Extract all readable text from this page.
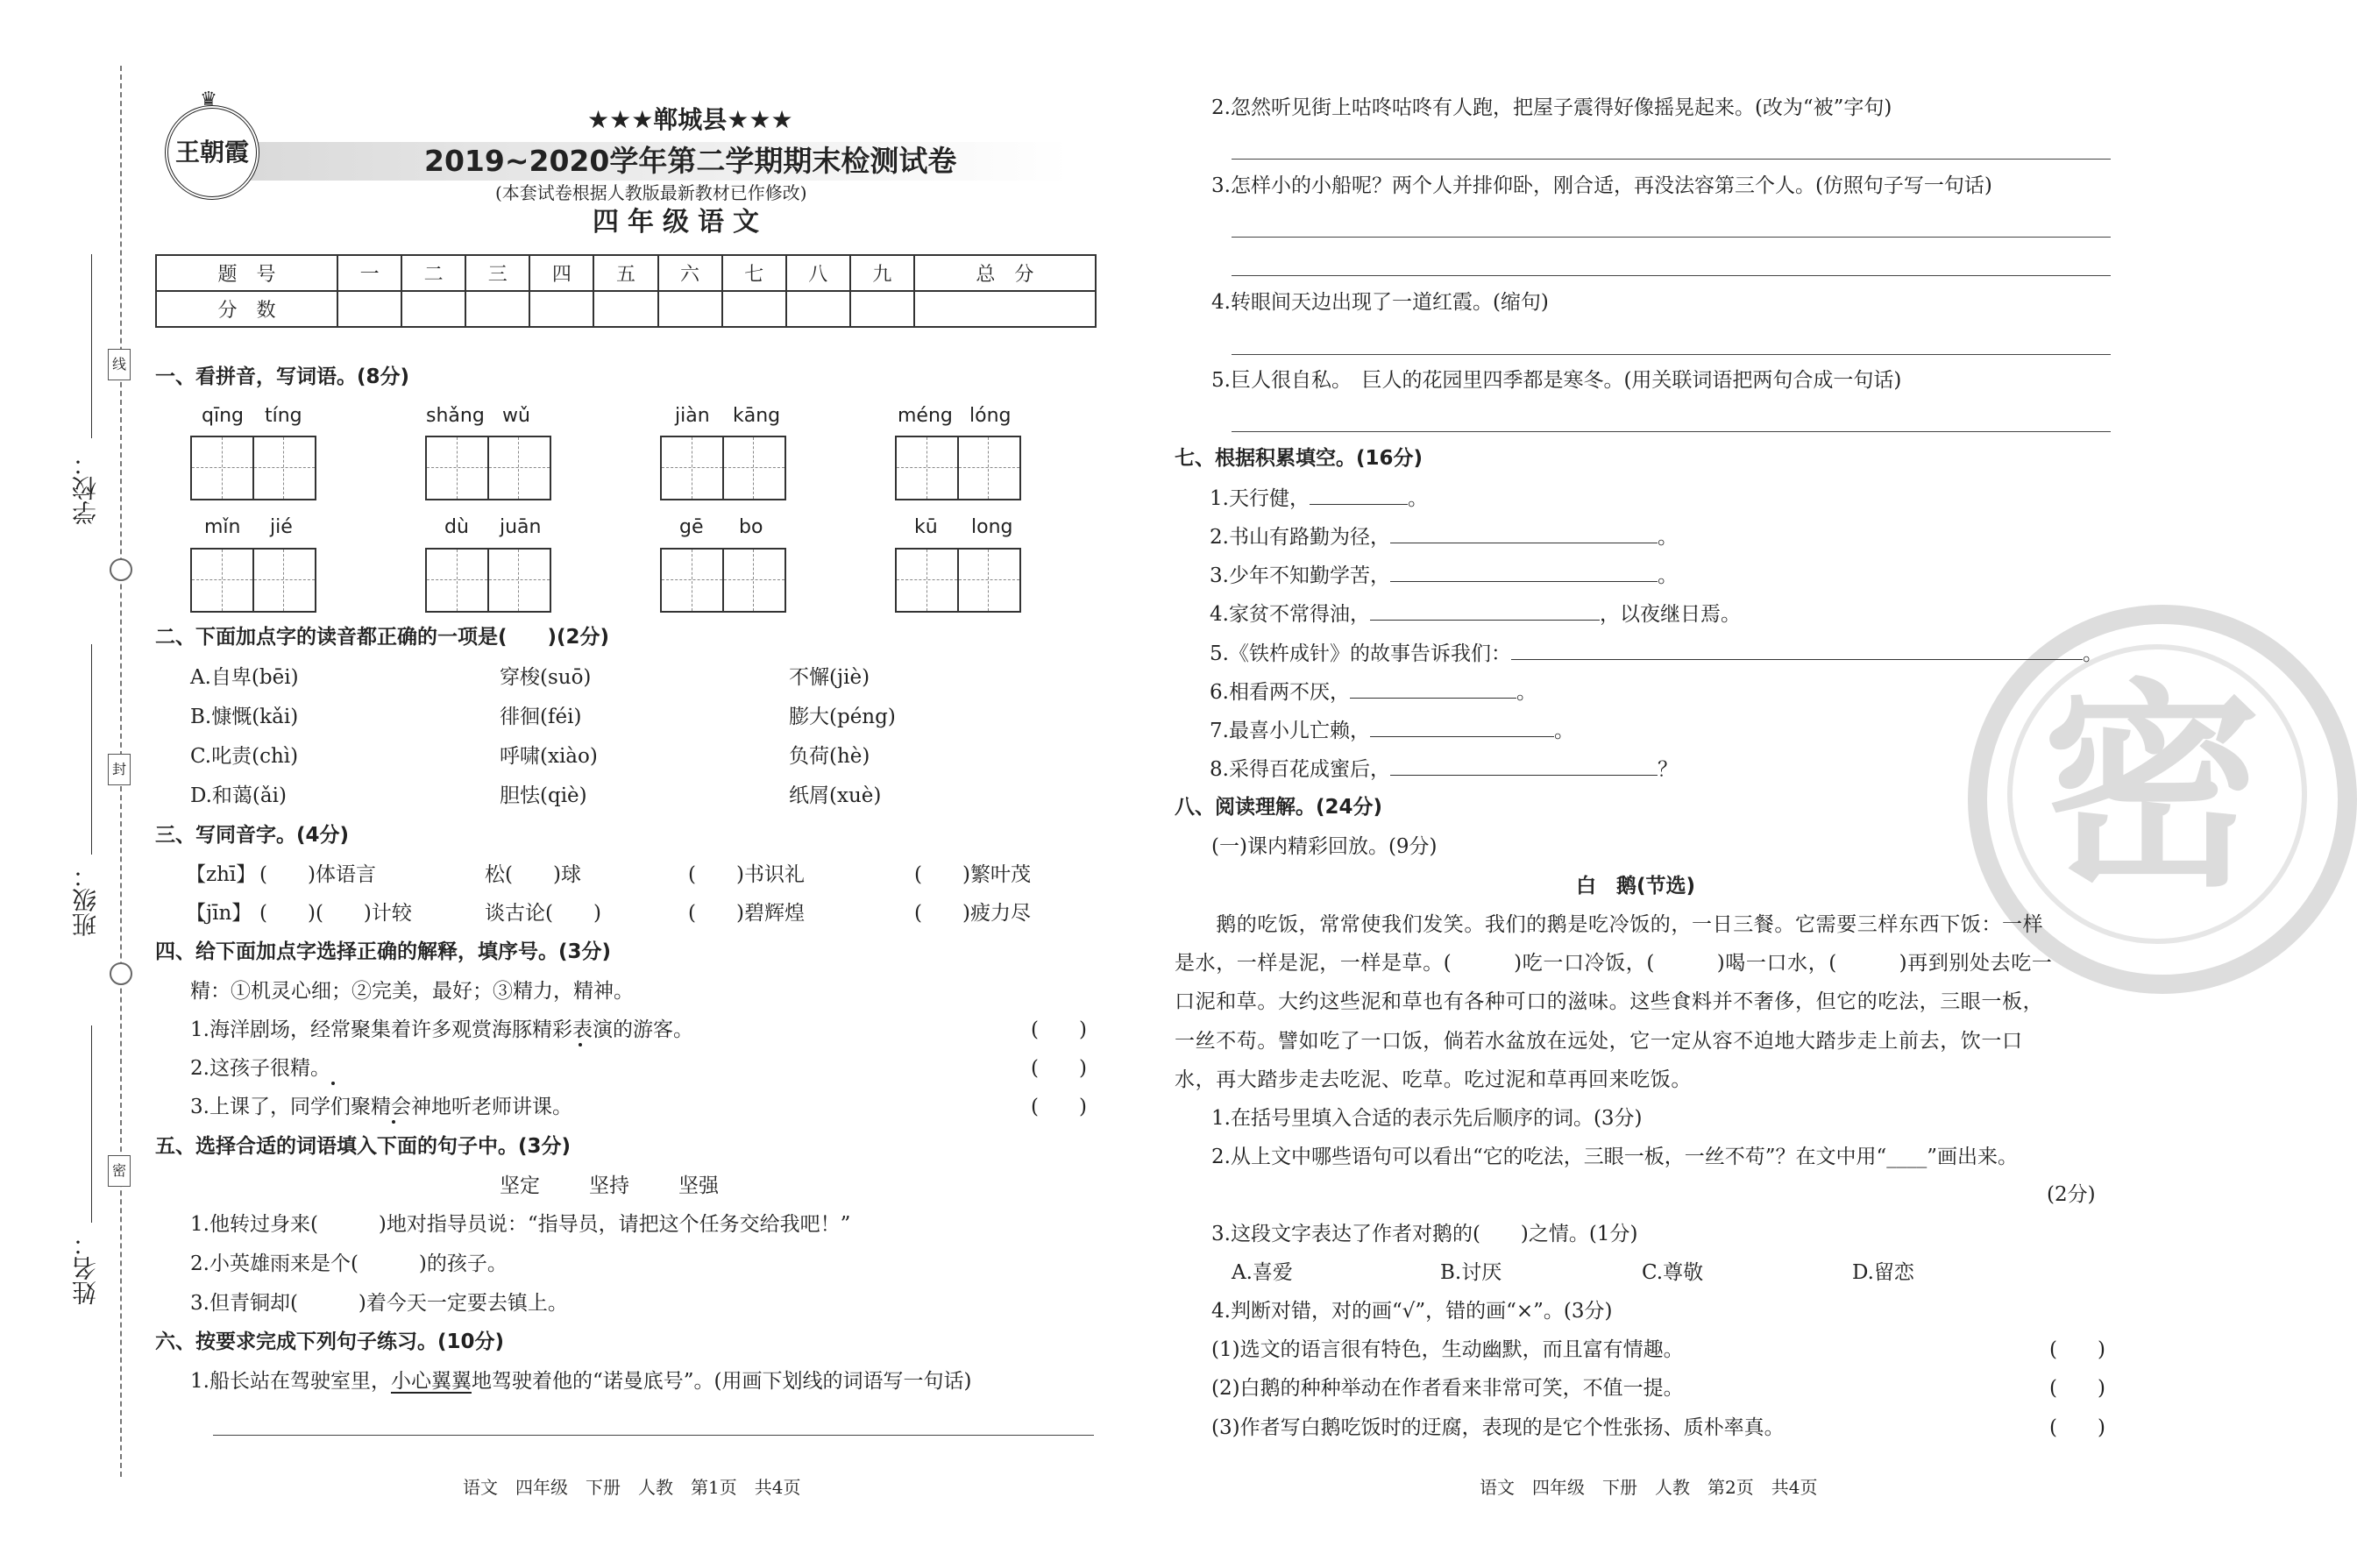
线
封
密
学校：
班级：
姓名：
王朝霞
♛
★★★郸城县★★★
2019~2020学年第二学期期末检测试卷
(本套试卷根据人教版最新教材已作修改)
四年级语文
题　号	一	二	三	四	五	六	七	八	九	总　分
分　数										
一、看拼音，写词语。(8分)
qīng tíng	shǎng wǔ	jiàn kāng	méng lóng
mǐn jié	dù juān	gē bo	kū long
二、下面加点字的读音都正确的一项是(　　)(2分)
A.自卑(bēi)	穿梭(suō)	不懈(jiè)
B.慷慨(kǎi)	徘徊(féi)	膨大(péng)
C.叱责(chì)	呼啸(xiào)	负荷(hè)
D.和蔼(ǎi)	胆怯(qiè)	纸屑(xuè)
三、写同音字。(4分)
【zhī】 (　　)体语言	松(　　)球	(　　)书识礼	(　　)繁叶茂
【jīn】 (　　)(　　)计较	谈古论(　　)	(　　)碧辉煌	(　　)疲力尽
四、给下面加点字选择正确的解释，填序号。(3分)
精：①机灵心细；②完美，最好；③精力，精神。
1.海洋剧场，经常聚集着许多观赏海豚精彩表演的游客。	(　　)
2.这孩子很精。	(　　)
3.上课了，同学们聚精会神地听老师讲课。	(　　)
五、选择合适的词语填入下面的句子中。(3分)
坚定 坚持 坚强
1.他转过身来(　　　)地对指导员说：“指导员，请把这个任务交给我吧！”
2.小英雄雨来是个(　　　)的孩子。
3.但青铜却(　　　)着今天一定要去镇上。
六、按要求完成下列句子练习。(10分)
1.船长站在驾驶室里，小心翼翼地驾驶着他的“诺曼底号”。(用画下划线的词语写一句话)
语文　四年级　下册　人教　第1页　共4页
密
2.忽然听见街上咕咚咕咚有人跑，把屋子震得好像摇晃起来。(改为“被”字句)
3.怎样小的小船呢？两个人并排仰卧，刚合适，再没法容第三个人。(仿照句子写一句话)
4.转眼间天边出现了一道红霞。(缩句)
5.巨人很自私。　巨人的花园里四季都是寒冬。(用关联词语把两句合成一句话)
七、根据积累填空。(16分)
1.天行健，	。
2.书山有路勤为径，	。
3.少年不知勤学苦，	。
4.家贫不常得油，	，以夜继日焉。
5.《铁杵成针》的故事告诉我们：	。
6.相看两不厌，	。
7.最喜小儿亡赖，	。
8.采得百花成蜜后，	？
八、阅读理解。(24分)
(一)课内精彩回放。(9分)
白　鹅(节选)
　　鹅的吃饭，常常使我们发笑。我们的鹅是吃冷饭的，一日三餐。它需要三样东西下饭：一样
是水，一样是泥，一样是草。(　　　)吃一口冷饭，(　　　)喝一口水，(　　　)再到别处去吃一
口泥和草。大约这些泥和草也有各种可口的滋味。这些食料并不奢侈，但它的吃法，三眼一板，
一丝不苟。譬如吃了一口饭，倘若水盆放在远处，它一定从容不迫地大踏步走上前去，饮一口
水，再大踏步走去吃泥、吃草。吃过泥和草再回来吃饭。
1.在括号里填入合适的表示先后顺序的词。(3分)
2.从上文中哪些语句可以看出“它的吃法，三眼一板，一丝不苟”？在文中用“____”画出来。
(2分)
3.这段文字表达了作者对鹅的(　　)之情。(1分)
A.喜爱	B.讨厌	C.尊敬	D.留恋
4.判断对错，对的画“√”，错的画“×”。(3分)
(1)选文的语言很有特色，生动幽默，而且富有情趣。	(　　)
(2)白鹅的种种举动在作者看来非常可笑，不值一提。	(　　)
(3)作者写白鹅吃饭时的迂腐，表现的是它个性张扬、质朴率真。	(　　)
语文　四年级　下册　人教　第2页　共4页
